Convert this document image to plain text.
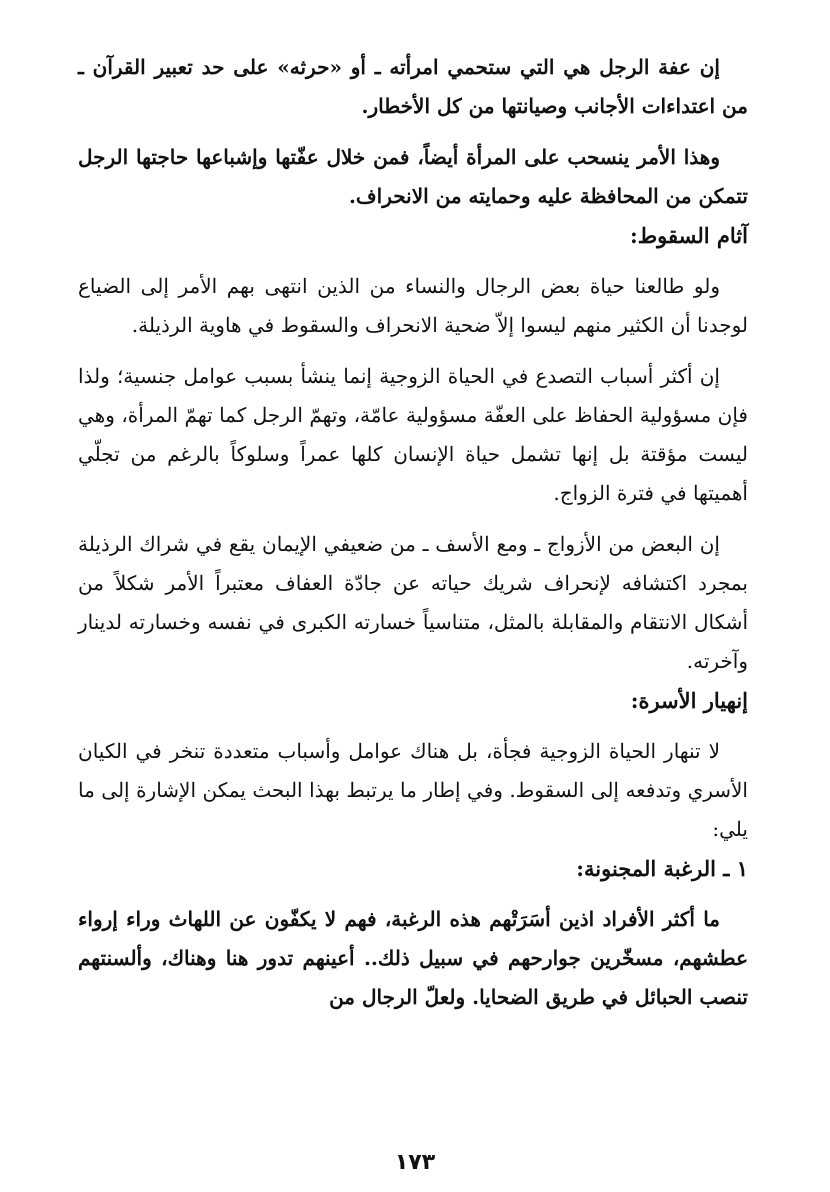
إن عفة الرجل هي التي ستحمي امرأته ـ أو «حرثه» على حد تعبير القرآن ـ من اعتداءات الأجانب وصيانتها من كل الأخطار.

وهذا الأمر ينسحب على المرأة أيضاً، فمن خلال عفّتها وإشباعها حاجتها الرجل تتمكن من المحافظة عليه وحمايته من الانحراف.

آثام السقوط:

ولو طالعنا حياة بعض الرجال والنساء من الذين انتهى بهم الأمر إلى الضياع لوجدنا أن الكثير منهم ليسوا إلاّ ضحية الانحراف والسقوط في هاوية الرذيلة.

إن أكثر أسباب التصدع في الحياة الزوجية إنما ينشأ بسبب عوامل جنسية؛ ولذا فإن مسؤولية الحفاظ على العفّة مسؤولية عامّة، وتهمّ الرجل كما تهمّ المرأة، وهي ليست مؤقتة بل إنها تشمل حياة الإنسان كلها عمراً وسلوكاً بالرغم من تجلّي أهميتها في فترة الزواج.

إن البعض من الأزواج ـ ومع الأسف ـ من ضعيفي الإيمان يقع في شراك الرذيلة بمجرد اكتشافه لإنحراف شريك حياته عن جادّة العفاف معتبراً الأمر شكلاً من أشكال الانتقام والمقابلة بالمثل، متناسياً خسارته الكبرى في نفسه وخسارته لدينار وآخرته.

إنهيار الأسرة:

لا تنهار الحياة الزوجية فجأة، بل هناك عوامل وأسباب متعددة تنخر في الكيان الأسري وتدفعه إلى السقوط. وفي إطار ما يرتبط بهذا البحث يمكن الإشارة إلى ما يلي:

١ ـ الرغبة المجنونة:

ما أكثر الأفراد اذين أسَرَتْهم هذه الرغبة، فهم لا يكفّون عن اللهاث وراء إرواء عطشهم، مسخّرين جوارحهم في سبيل ذلك.. أعينهم تدور هنا وهناك، وألسنتهم تنصب الحبائل في طريق الضحايا. ولعلّ الرجال من

١٧٣
